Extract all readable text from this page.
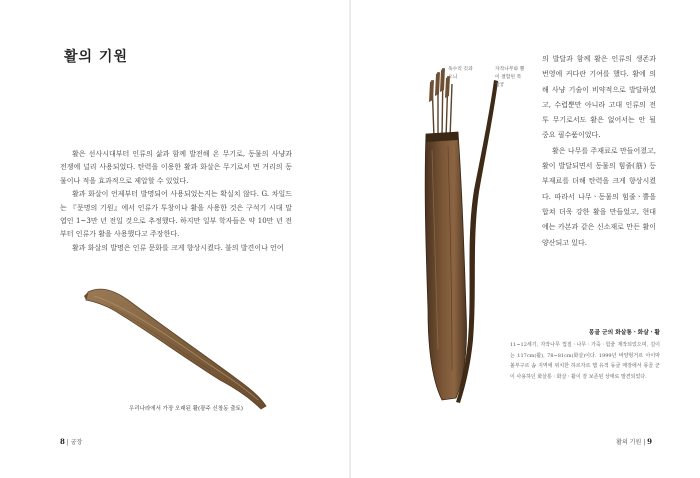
활의 기원

활은 선사시대부터 인류의 삶과 함께 발전해 온 무기로, 동물의 사냥과 전쟁에 널리 사용되었다. 탄력을 이용한 활과 화살은 무기로서 먼 거리의 동물이나 적을 효과적으로 제압할 수 있었다.

활과 화살이 언제부터 발명되어 사용되었는지는 확실치 않다. G. 차일드는 『문명의 기원』에서 인류가 투창이나 활을 사용한 것은 구석기 시대 말엽인 1~3만 년 전일 것으로 추정했다. 하지만 일부 학자들은 약 10만 년 전부터 인류가 활을 사용했다고 주장한다.

활과 화살의 발명은 인류 문화를 크게 향상시켰다. 불의 발견이나 언어

우리나라에서 가장 오래된 활(광주 신창동 출토)
8 | 궁장
독수리 깃과 오늬
자작나무와 뿔이 결합된 복합궁

의 발달과 함께 활은 인류의 생존과 번영에 커다란 기여를 했다. 활에 의해 사냥 기술이 비약적으로 발달하였고, 수렵뿐만 아니라 고대 인류의 전투 무기로서도 활은 없어서는 안 될 중요 필수품이었다.

활은 나무를 주재료로 만들어졌고, 활이 발달되면서 동물의 힘줄(筋) 등 부재료를 더해 탄력을 크게 향상시켰다. 따라서 나무ㆍ동물의 힘줄ㆍ뿔을 합쳐 더욱 강한 활을 만들었고, 현대에는 카본과 같은 신소재로 만든 활이 양산되고 있다.

몽골 군의 화살통ㆍ화살ㆍ활

11~12세기, 자작나무 껍질ㆍ나무ㆍ가죽ㆍ힘줄 재작되었으며, 길이는 117cm(활), 78~81cm(화살)이다. 1999년 바양헝거르 아이막 볼부구르 솜 지역에 위치한 하르자르 햄 유적 동굴 매장에서 몽골 군이 사용하던 화살통ㆍ화살ㆍ활이 잘 보존된 상태로 발견되었다.

활의 기원 | 9
